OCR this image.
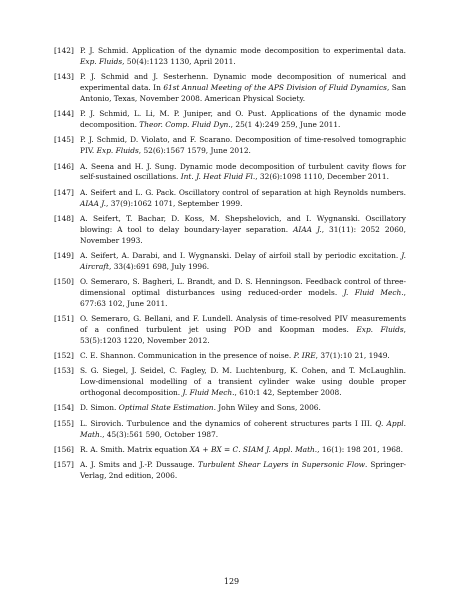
[142] P. J. Schmid. Application of the dynamic mode decomposition to experimental data. Exp. Fluids, 50(4):1123 1130, April 2011.
[143] P. J. Schmid and J. Sesterhenn. Dynamic mode decomposition of numerical and experimental data. In 61st Annual Meeting of the APS Division of Fluid Dynamics, San Antonio, Texas, November 2008. American Physical Society.
[144] P. J. Schmid, L. Li, M. P. Juniper, and O. Pust. Applications of the dynamic mode decomposition. Theor. Comp. Fluid Dyn., 25(1 4):249 259, June 2011.
[145] P. J. Schmid, D. Violato, and F. Scarano. Decomposition of time-resolved tomographic PIV. Exp. Fluids, 52(6):1567 1579, June 2012.
[146] A. Seena and H. J. Sung. Dynamic mode decomposition of turbulent cavity flows for self-sustained oscillations. Int. J. Heat Fluid Fl., 32(6):1098 1110, December 2011.
[147] A. Seifert and L. G. Pack. Oscillatory control of separation at high Reynolds numbers. AIAA J., 37(9):1062 1071, September 1999.
[148] A. Seifert, T. Bachar, D. Koss, M. Shepshelovich, and I. Wygnanski. Oscillatory blowing: A tool to delay boundary-layer separation. AIAA J., 31(11): 2052 2060, November 1993.
[149] A. Seifert, A. Darabi, and I. Wygnanski. Delay of airfoil stall by periodic excitation. J. Aircraft, 33(4):691 698, July 1996.
[150] O. Semeraro, S. Bagheri, L. Brandt, and D. S. Henningson. Feedback control of three-dimensional optimal disturbances using reduced-order models. J. Fluid Mech., 677:63 102, June 2011.
[151] O. Semeraro, G. Bellani, and F. Lundell. Analysis of time-resolved PIV measurements of a confined turbulent jet using POD and Koopman modes. Exp. Fluids, 53(5):1203 1220, November 2012.
[152] C. E. Shannon. Communication in the presence of noise. P. IRE, 37(1):10 21, 1949.
[153] S. G. Siegel, J. Seidel, C. Fagley, D. M. Luchtenburg, K. Cohen, and T. McLaughlin. Low-dimensional modelling of a transient cylinder wake using double proper orthogonal decomposition. J. Fluid Mech., 610:1 42, September 2008.
[154] D. Simon. Optimal State Estimation. John Wiley and Sons, 2006.
[155] L. Sirovich. Turbulence and the dynamics of coherent structures parts I III. Q. Appl. Math., 45(3):561 590, October 1987.
[156] R. A. Smith. Matrix equation XA + BX = C. SIAM J. Appl. Math., 16(1): 198 201, 1968.
[157] A. J. Smits and J.-P. Dussauge. Turbulent Shear Layers in Supersonic Flow. Springer-Verlag, 2nd edition, 2006.
129
